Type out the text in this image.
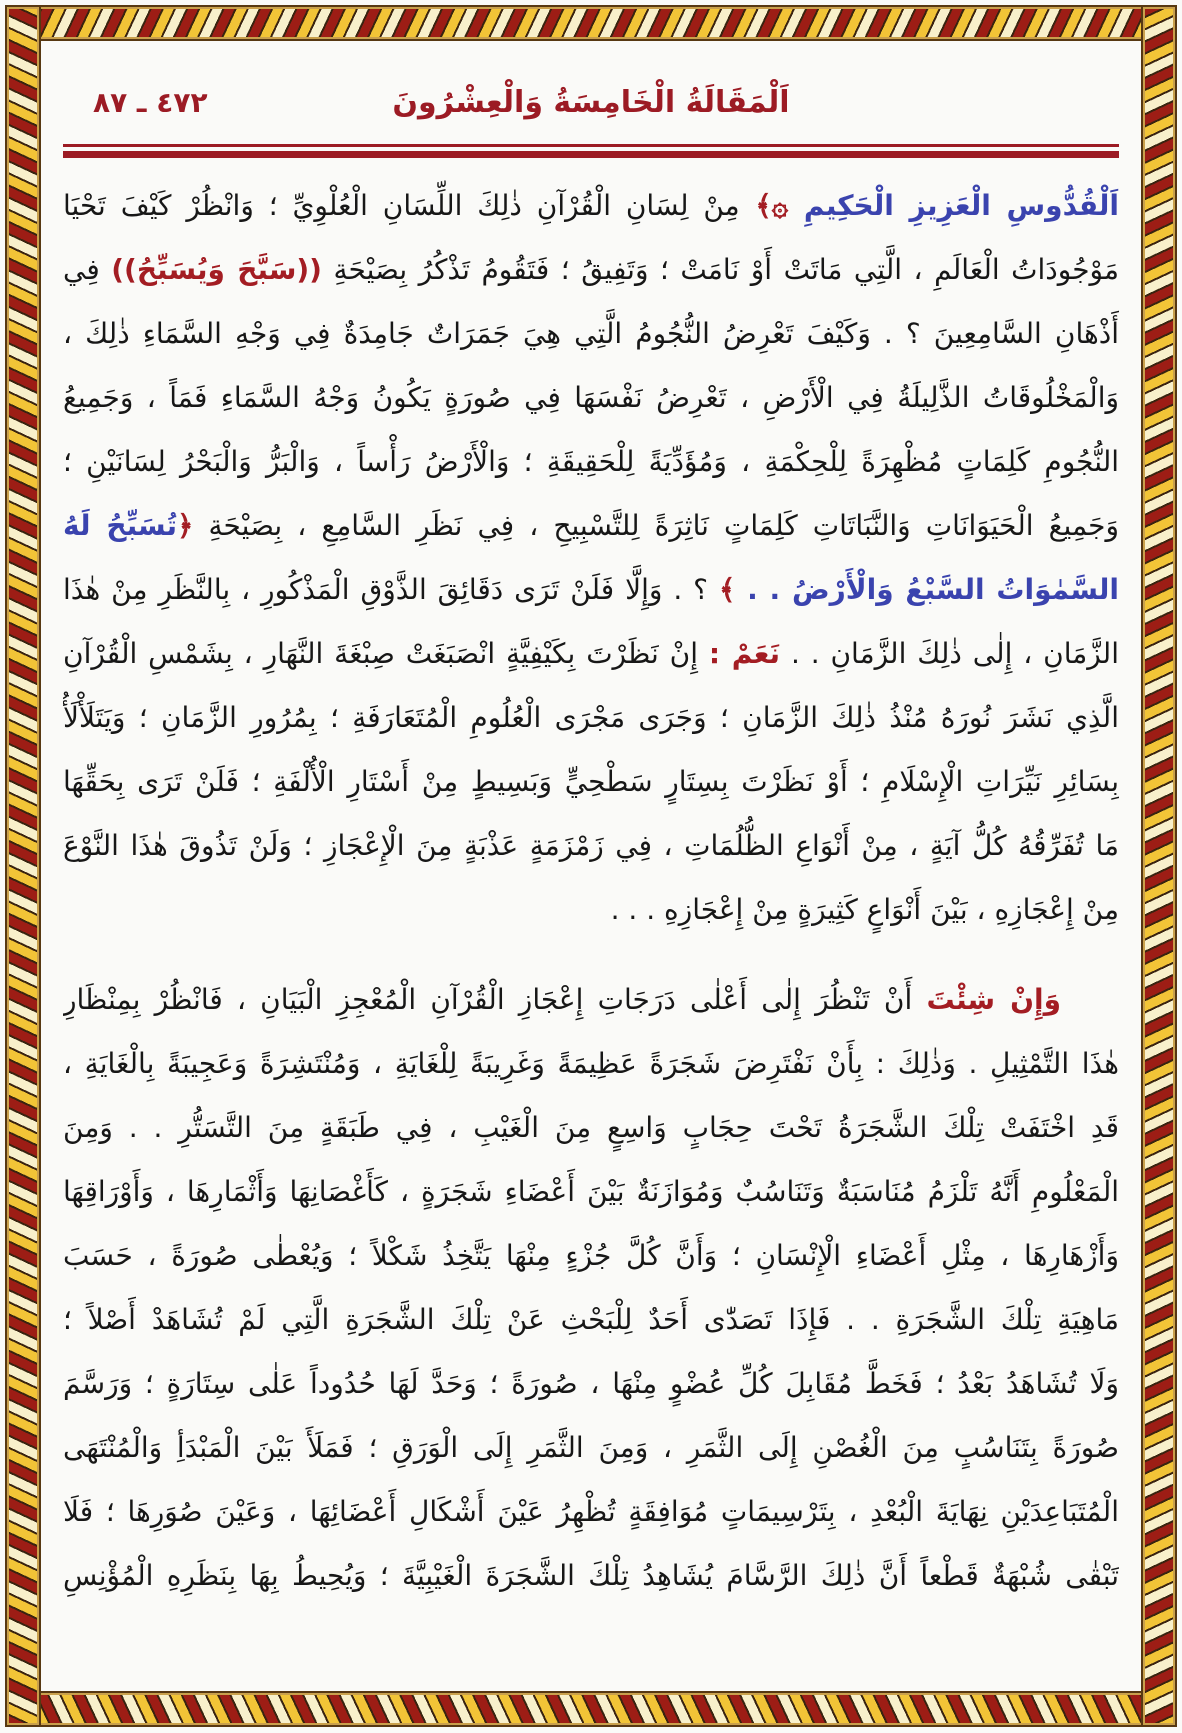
اَلْمَقَالَةُ الْخَامِسَةُ وَالْعِشْرُونَ
٤٧٢ ـ ٨٧
اَلْقُدُّوسِ الْعَزِيزِ الْحَكِيمِ ۞﴾ مِنْ لِسَانِ الْقُرْآنِ ذٰلِكَ اللِّسَانِ الْعُلْوِيِّ ؛ وَانْظُرْ كَيْفَ تَحْيَا
مَوْجُودَاتُ الْعَالَمِ ، الَّتِي مَاتَتْ أَوْ نَامَتْ ؛ وَتَفِيقُ ؛ فَتَقُومُ تَذْكُرُ بِصَيْحَةِ ((سَبَّحَ وَيُسَبِّحُ)) فِي
أَذْهَانِ السَّامِعِينَ ؟ . وَكَيْفَ تَعْرِضُ النُّجُومُ الَّتِي هِيَ جَمَرَاتٌ جَامِدَةٌ فِي وَجْهِ السَّمَاءِ ذٰلِكَ ،
وَالْمَخْلُوقَاتُ الذَّلِيلَةُ فِي الْأَرْضِ ، تَعْرِضُ نَفْسَهَا فِي صُورَةٍ يَكُونُ وَجْهُ السَّمَاءِ فَمَاً ، وَجَمِيعُ
النُّجُومِ كَلِمَاتٍ مُظْهِرَةً لِلْحِكْمَةِ ، وَمُؤَدِّيَةً لِلْحَقِيقَةِ ؛ وَالْأَرْضُ رَأْساً ، وَالْبَرُّ وَالْبَحْرُ لِسَانَيْنِ ؛
وَجَمِيعُ الْحَيَوَانَاتِ وَالنَّبَاتَاتِ كَلِمَاتٍ نَاثِرَةً لِلتَّسْبِيحِ ، فِي نَظَرِ السَّامِعِ ، بِصَيْحَةِ ﴿تُسَبِّحُ لَهُ
السَّمٰوَاتُ السَّبْعُ وَالْأَرْضُ . . ﴾ ؟ . وَإِلَّا فَلَنْ تَرَى دَقَائِقَ الذَّوْقِ الْمَذْكُورِ ، بِالنَّظَرِ مِنْ هٰذَا
الزَّمَانِ ، إِلٰى ذٰلِكَ الزَّمَانِ . . نَعَمْ : إِنْ نَظَرْتَ بِكَيْفِيَّةٍ انْصَبَغَتْ صِبْغَةَ النَّهَارِ ، بِشَمْسِ الْقُرْآنِ
الَّذِي نَشَرَ نُورَهُ مُنْذُ ذٰلِكَ الزَّمَانِ ؛ وَجَرَى مَجْرَى الْعُلُومِ الْمُتَعَارَفَةِ ؛ بِمُرُورِ الزَّمَانِ ؛ وَيَتَلَأْلَأُ
بِسَائِرِ نَيِّرَاتِ الْإِسْلَامِ ؛ أَوْ نَظَرْتَ بِسِتَارٍ سَطْحِيٍّ وَبَسِيطٍ مِنْ أَسْتَارِ الْأُلْفَةِ ؛ فَلَنْ تَرَى بِحَقِّهَا
مَا تُفَرِّقُهُ كُلُّ آيَةٍ ، مِنْ أَنْوَاعِ الظُّلُمَاتِ ، فِي زَمْزَمَةٍ عَذْبَةٍ مِنَ الْإِعْجَازِ ؛ وَلَنْ تَذُوقَ هٰذَا النَّوْعَ
مِنْ إِعْجَازِهِ ، بَيْنَ أَنْوَاعٍ كَثِيرَةٍ مِنْ إِعْجَازِهِ . . .
وَإِنْ شِئْتَ أَنْ تَنْظُرَ إِلٰى أَعْلٰى دَرَجَاتِ إِعْجَازِ الْقُرْآنِ الْمُعْجِزِ الْبَيَانِ ، فَانْظُرْ بِمِنْظَارِ
هٰذَا التَّمْثِيلِ . وَذٰلِكَ : بِأَنْ نَفْتَرِضَ شَجَرَةً عَظِيمَةً وَغَرِيبَةً لِلْغَايَةِ ، وَمُنْتَشِرَةً وَعَجِيبَةً بِالْغَايَةِ ،
قَدِ اخْتَفَتْ تِلْكَ الشَّجَرَةُ تَحْتَ حِجَابٍ وَاسِعٍ مِنَ الْغَيْبِ ، فِي طَبَقَةٍ مِنَ التَّسَتُّرِ . . وَمِنَ
الْمَعْلُومِ أَنَّهُ تَلْزَمُ مُنَاسَبَةٌ وَتَنَاسُبٌ وَمُوَازَنَةٌ بَيْنَ أَعْضَاءِ شَجَرَةٍ ، كَأَغْصَانِهَا وَأَثْمَارِهَا ، وَأَوْرَاقِهَا
وَأَزْهَارِهَا ، مِثْلِ أَعْضَاءِ الْإِنْسَانِ ؛ وَأَنَّ كُلَّ جُزْءٍ مِنْهَا يَتَّخِذُ شَكْلاً ؛ وَيُعْطٰى صُورَةً ، حَسَبَ
مَاهِيَةِ تِلْكَ الشَّجَرَةِ . . فَإِذَا تَصَدّٰى أَحَدٌ لِلْبَحْثِ عَنْ تِلْكَ الشَّجَرَةِ الَّتِي لَمْ تُشَاهَدْ أَصْلاً ؛
وَلَا تُشَاهَدُ بَعْدُ ؛ فَخَطَّ مُقَابِلَ كُلِّ عُضْوٍ مِنْهَا ، صُورَةً ؛ وَحَدَّ لَهَا حُدُوداً عَلٰى سِتَارَةٍ ؛ وَرَسَّمَ
صُورَةً بِتَنَاسُبٍ مِنَ الْغُصْنِ إِلَى الثَّمَرِ ، وَمِنَ الثَّمَرِ إِلَى الْوَرَقِ ؛ فَمَلَأَ بَيْنَ الْمَبْدَأِ وَالْمُنْتَهَى
الْمُتَبَاعِدَيْنِ نِهَايَةَ الْبُعْدِ ، بِتَرْسِيمَاتٍ مُوَافِقَةٍ تُظْهِرُ عَيْنَ أَشْكَالِ أَعْضَائِهَا ، وَعَيْنَ صُوَرِهَا ؛ فَلَا
تَبْقٰى شُبْهَةٌ قَطْعاً أَنَّ ذٰلِكَ الرَّسَّامَ يُشَاهِدُ تِلْكَ الشَّجَرَةَ الْغَيْبِيَّةَ ؛ وَيُحِيطُ بِهَا بِنَظَرِهِ الْمُؤْنِسِ
